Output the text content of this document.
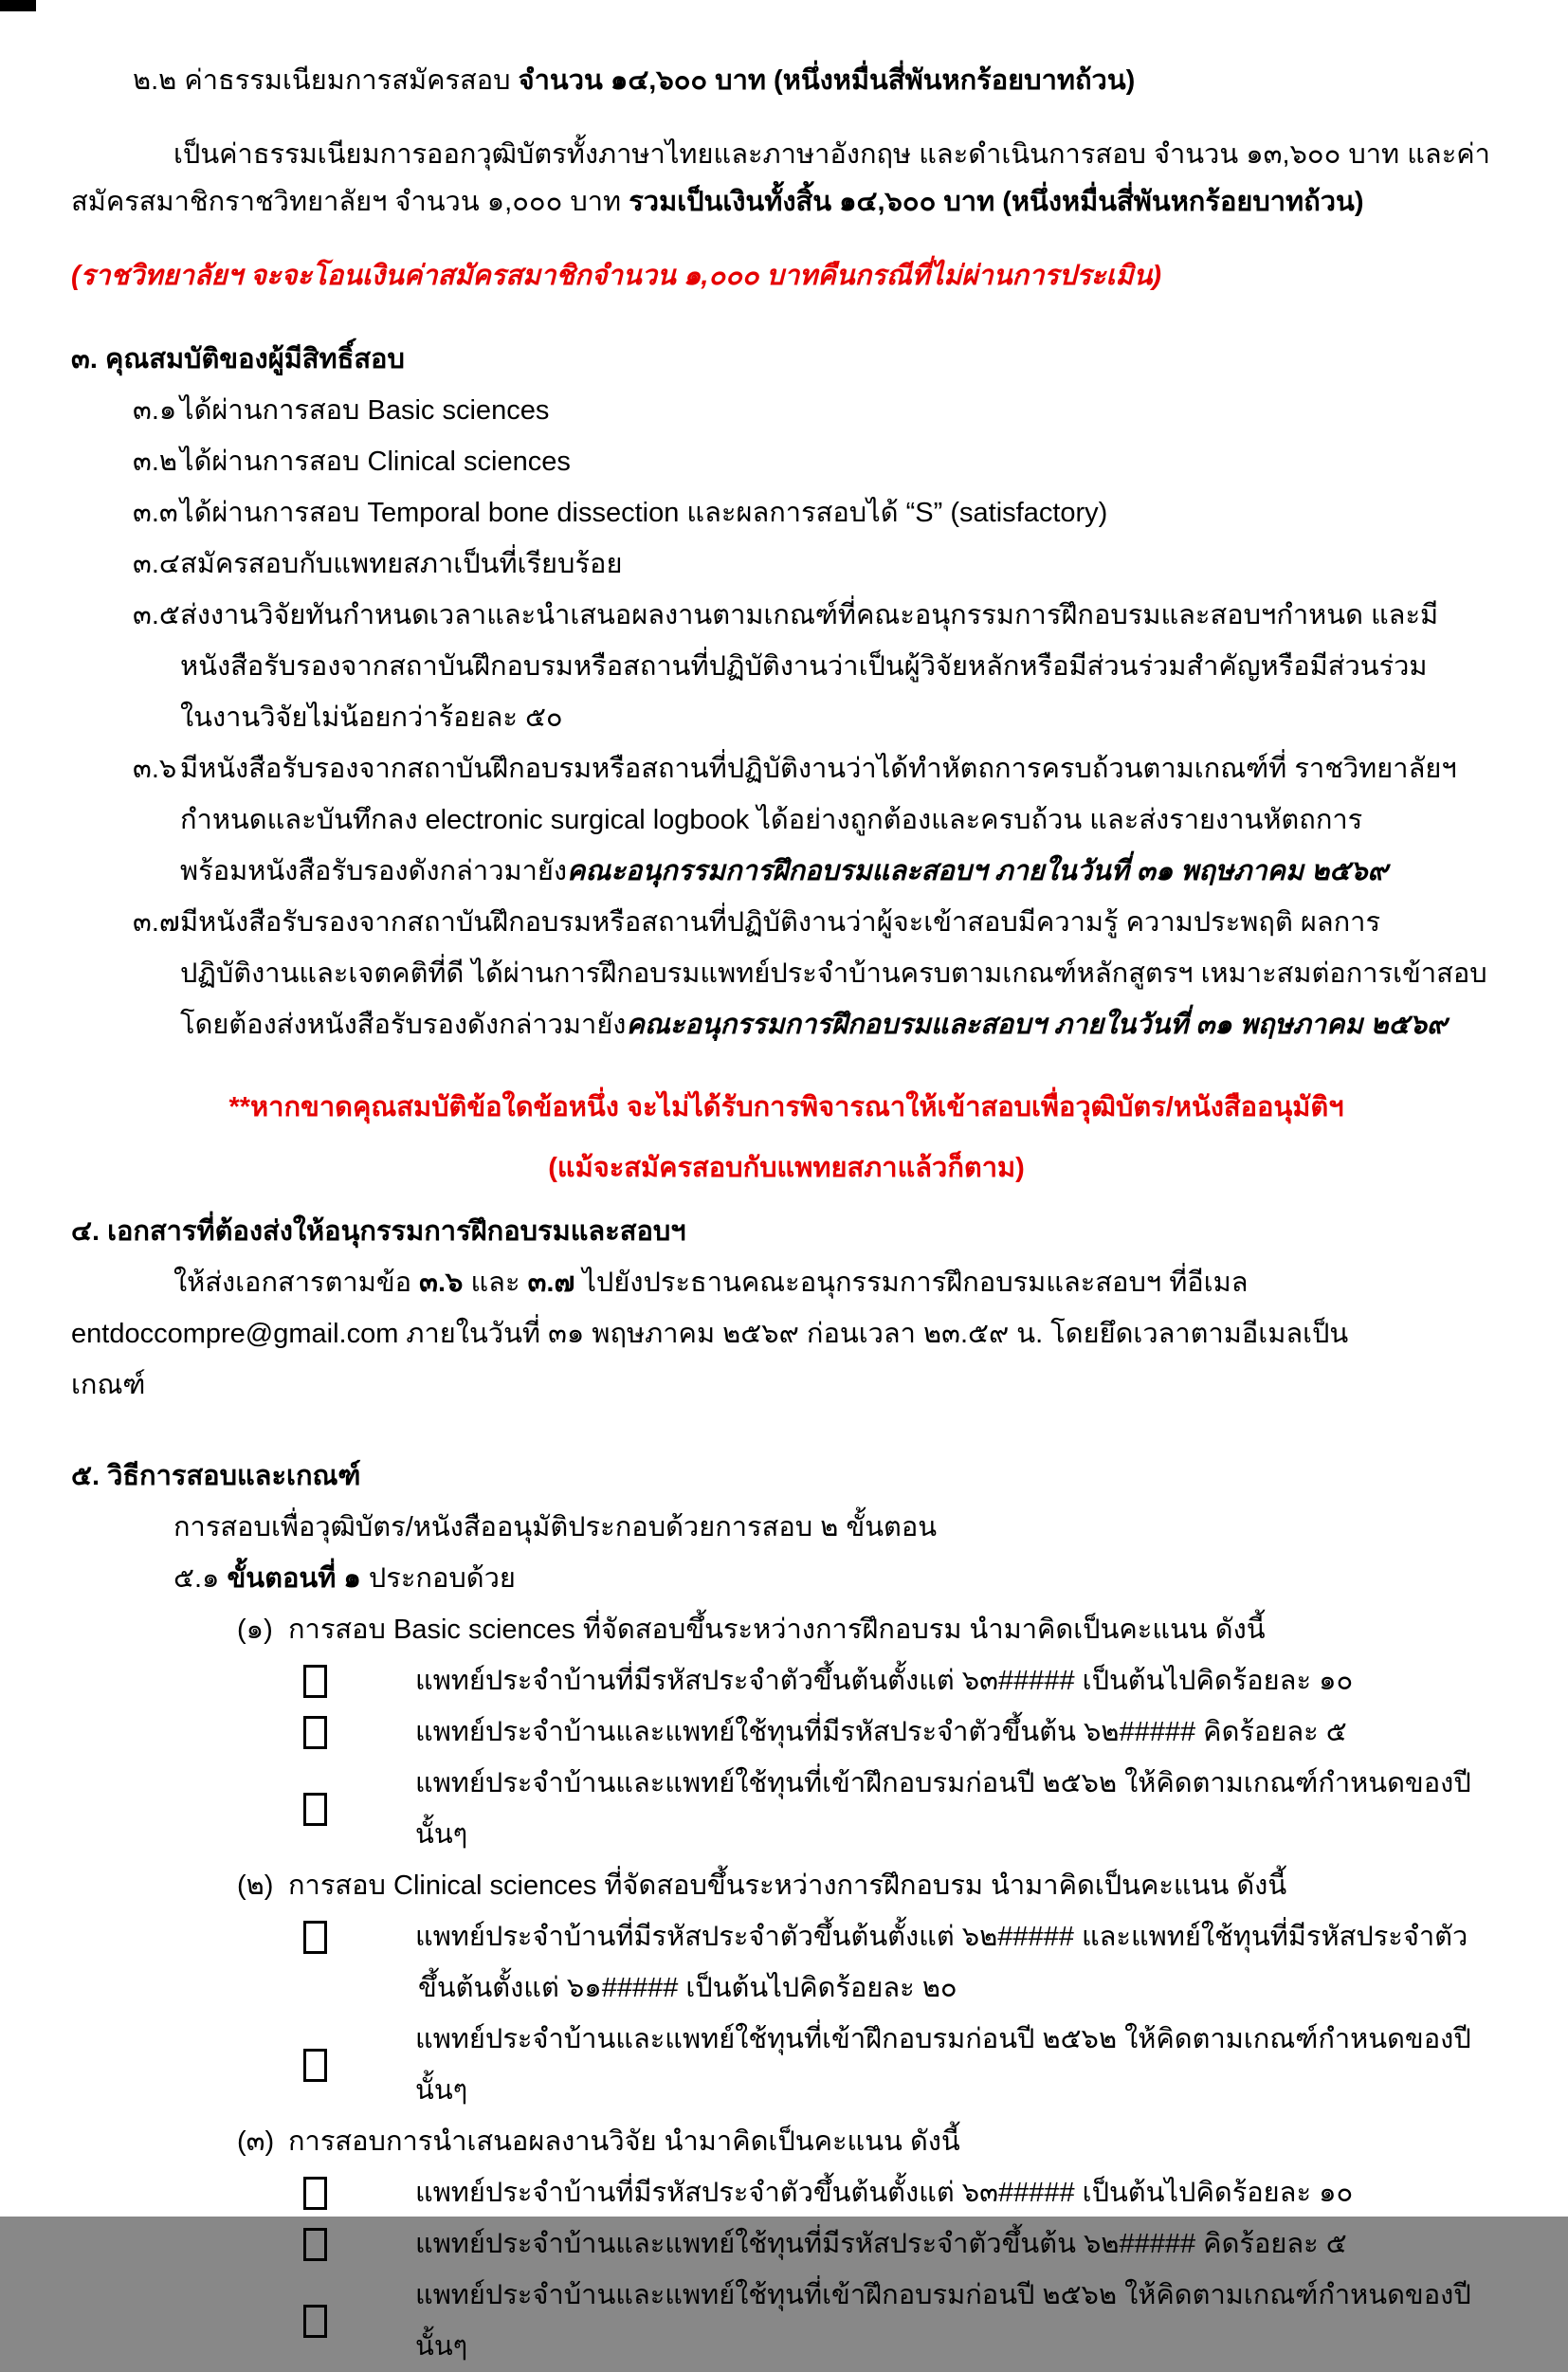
๒.๒ ค่าธรรมเนียมการสมัครสอบ จำนวน ๑๔,๖๐๐ บาท (หนึ่งหมื่นสี่พันหกร้อยบาทถ้วน)
เป็นค่าธรรมเนียมการออกวุฒิบัตรทั้งภาษาไทยและภาษาอังกฤษ และดำเนินการสอบ จำนวน ๑๓,๖๐๐ บาท และค่า
สมัครสมาชิกราชวิทยาลัยฯ จำนวน ๑,๐๐๐ บาท รวมเป็นเงินทั้งสิ้น ๑๔,๖๐๐ บาท (หนึ่งหมื่นสี่พันหกร้อยบาทถ้วน)
(ราชวิทยาลัยฯ จะจะโอนเงินค่าสมัครสมาชิกจำนวน ๑,๐๐๐ บาทคืนกรณีที่ไม่ผ่านการประเมิน)
๓. คุณสมบัติของผู้มีสิทธิ์สอบ
๓.๑ ได้ผ่านการสอบ Basic sciences
๓.๒ ได้ผ่านการสอบ Clinical sciences
๓.๓ได้ผ่านการสอบ Temporal bone dissection และผลการสอบได้ “S” (satisfactory)
๓.๔สมัครสอบกับแพทยสภาเป็นที่เรียบร้อย
๓.๕ส่งงานวิจัยทันกำหนดเวลาและนำเสนอผลงานตามเกณฑ์ที่คณะอนุกรรมการฝึกอบรมและสอบฯกำหนด และมี
หนังสือรับรองจากสถาบันฝึกอบรมหรือสถานที่ปฏิบัติงานว่าเป็นผู้วิจัยหลักหรือมีส่วนร่วมสำคัญหรือมีส่วนร่วม
ในงานวิจัยไม่น้อยกว่าร้อยละ ๕๐
๓.๖ มีหนังสือรับรองจากสถาบันฝึกอบรมหรือสถานที่ปฏิบัติงานว่าได้ทำหัตถการครบถ้วนตามเกณฑ์ที่ ราชวิทยาลัยฯ
กำหนดและบันทึกลง electronic surgical logbook ได้อย่างถูกต้องและครบถ้วน และส่งรายงานหัตถการ
พร้อมหนังสือรับรองดังกล่าวมายังคณะอนุกรรมการฝึกอบรมและสอบฯ ภายในวันที่ ๓๑ พฤษภาคม ๒๕๖๙
๓.๗มีหนังสือรับรองจากสถาบันฝึกอบรมหรือสถานที่ปฏิบัติงานว่าผู้จะเข้าสอบมีความรู้ ความประพฤติ ผลการ
ปฏิบัติงานและเจตคติที่ดี ได้ผ่านการฝึกอบรมแพทย์ประจำบ้านครบตามเกณฑ์หลักสูตรฯ เหมาะสมต่อการเข้าสอบ
โดยต้องส่งหนังสือรับรองดังกล่าวมายังคณะอนุกรรมการฝึกอบรมและสอบฯ ภายในวันที่ ๓๑ พฤษภาคม ๒๕๖๙
**หากขาดคุณสมบัติข้อใดข้อหนึ่ง จะไม่ได้รับการพิจารณาให้เข้าสอบเพื่อวุฒิบัตร/หนังสืออนุมัติฯ
(แม้จะสมัครสอบกับแพทยสภาแล้วก็ตาม)
๔. เอกสารที่ต้องส่งให้อนุกรรมการฝึกอบรมและสอบฯ
ให้ส่งเอกสารตามข้อ ๓.๖ และ ๓.๗ ไปยังประธานคณะอนุกรรมการฝึกอบรมและสอบฯ ที่อีเมล
entdoccompre@gmail.com ภายในวันที่ ๓๑ พฤษภาคม ๒๕๖๙ ก่อนเวลา ๒๓.๕๙ น. โดยยึดเวลาตามอีเมลเป็น
เกณฑ์
๕. วิธีการสอบและเกณฑ์
การสอบเพื่อวุฒิบัตร/หนังสืออนุมัติประกอบด้วยการสอบ ๒ ขั้นตอน
๕.๑ ขั้นตอนที่ ๑ ประกอบด้วย
(๑) การสอบ Basic sciences ที่จัดสอบขึ้นระหว่างการฝึกอบรม นำมาคิดเป็นคะแนน ดังนี้
แพทย์ประจำบ้านที่มีรหัสประจำตัวขึ้นต้นตั้งแต่ ๖๓##### เป็นต้นไปคิดร้อยละ ๑๐
แพทย์ประจำบ้านและแพทย์ใช้ทุนที่มีรหัสประจำตัวขึ้นต้น ๖๒##### คิดร้อยละ ๕
แพทย์ประจำบ้านและแพทย์ใช้ทุนที่เข้าฝึกอบรมก่อนปี ๒๕๖๒ ให้คิดตามเกณฑ์กำหนดของปีนั้นๆ
(๒) การสอบ Clinical sciences ที่จัดสอบขึ้นระหว่างการฝึกอบรม นำมาคิดเป็นคะแนน ดังนี้
แพทย์ประจำบ้านที่มีรหัสประจำตัวขึ้นต้นตั้งแต่ ๖๒##### และแพทย์ใช้ทุนที่มีรหัสประจำตัว
ขึ้นต้นตั้งแต่ ๖๑##### เป็นต้นไปคิดร้อยละ ๒๐
แพทย์ประจำบ้านและแพทย์ใช้ทุนที่เข้าฝึกอบรมก่อนปี ๒๕๖๒ ให้คิดตามเกณฑ์กำหนดของปีนั้นๆ
(๓) การสอบการนำเสนอผลงานวิจัย นำมาคิดเป็นคะแนน ดังนี้
แพทย์ประจำบ้านที่มีรหัสประจำตัวขึ้นต้นตั้งแต่ ๖๓##### เป็นต้นไปคิดร้อยละ ๑๐
แพทย์ประจำบ้านและแพทย์ใช้ทุนที่มีรหัสประจำตัวขึ้นต้น ๖๒##### คิดร้อยละ ๕
แพทย์ประจำบ้านและแพทย์ใช้ทุนที่เข้าฝึกอบรมก่อนปี ๒๕๖๒ ให้คิดตามเกณฑ์กำหนดของปีนั้นๆ
